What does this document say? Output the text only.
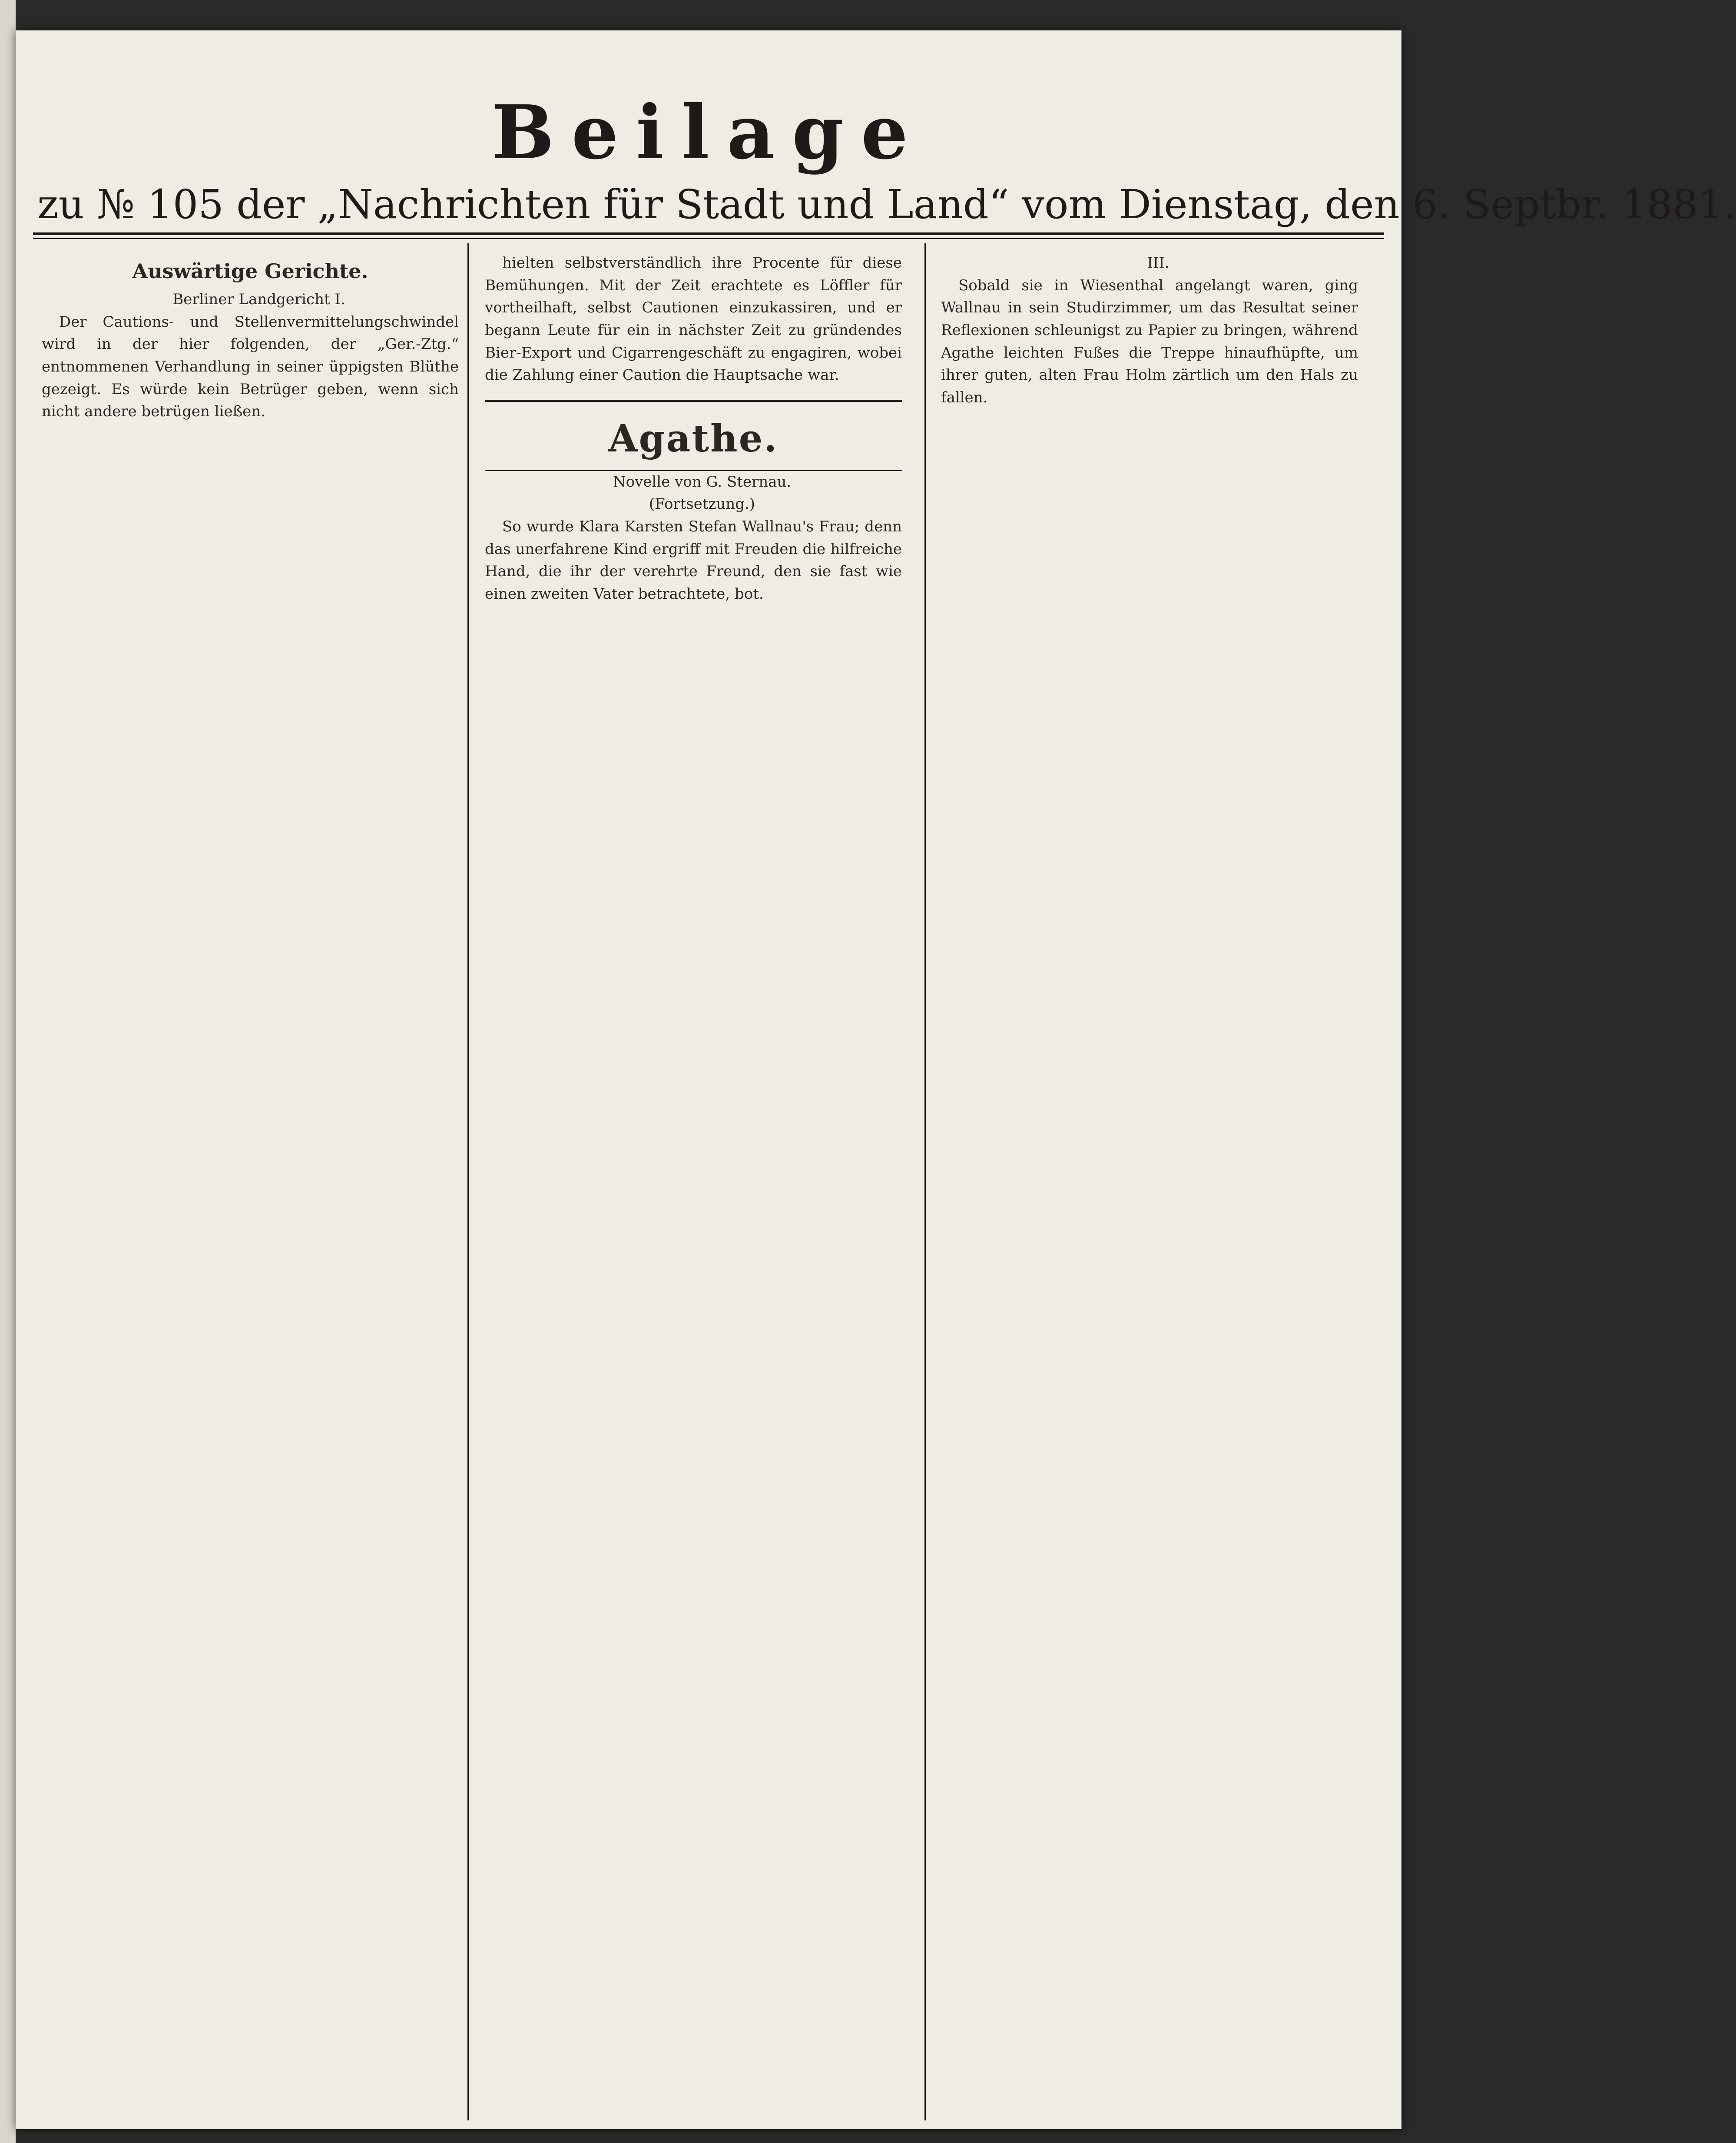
Beilage
zu № 105 der „Nachrichten für Stadt und Land“ vom Dienstag, den 6. Septbr. 1881.
Auswärtige Gerichte.

Berliner Landgericht I.

Der Cautions- und Stellenvermittelungschwindel wird in der hier folgenden, der „Ger.-Ztg.“ entnommenen Verhandlung in seiner üppigsten Blüthe gezeigt. Es würde kein Betrüger geben, wenn sich nicht andere betrügen ließen.

hielten selbstverständlich ihre Procente für diese Bemühungen. Mit der Zeit erachtete es Löffler für vortheilhaft, selbst Cautionen einzukassiren, und er begann Leute für ein in nächster Zeit zu gründendes Bier-Export und Cigarrengeschäft zu engagiren, wobei die Zahlung einer Caution die Hauptsache war.

Agathe.

Novelle von G. Sternau.

(Fortsetzung.)

So wurde Klara Karsten Stefan Wallnau's Frau; denn das unerfahrene Kind ergriff mit Freuden die hilfreiche Hand, die ihr der verehrte Freund, den sie fast wie einen zweiten Vater betrachtete, bot.

III.

Sobald sie in Wiesenthal angelangt waren, ging Wallnau in sein Studirzimmer, um das Resultat seiner Reflexionen schleunigst zu Papier zu bringen, während Agathe leichten Fußes die Treppe hinaufhüpfte, um ihrer guten, alten Frau Holm zärtlich um den Hals zu fallen.
